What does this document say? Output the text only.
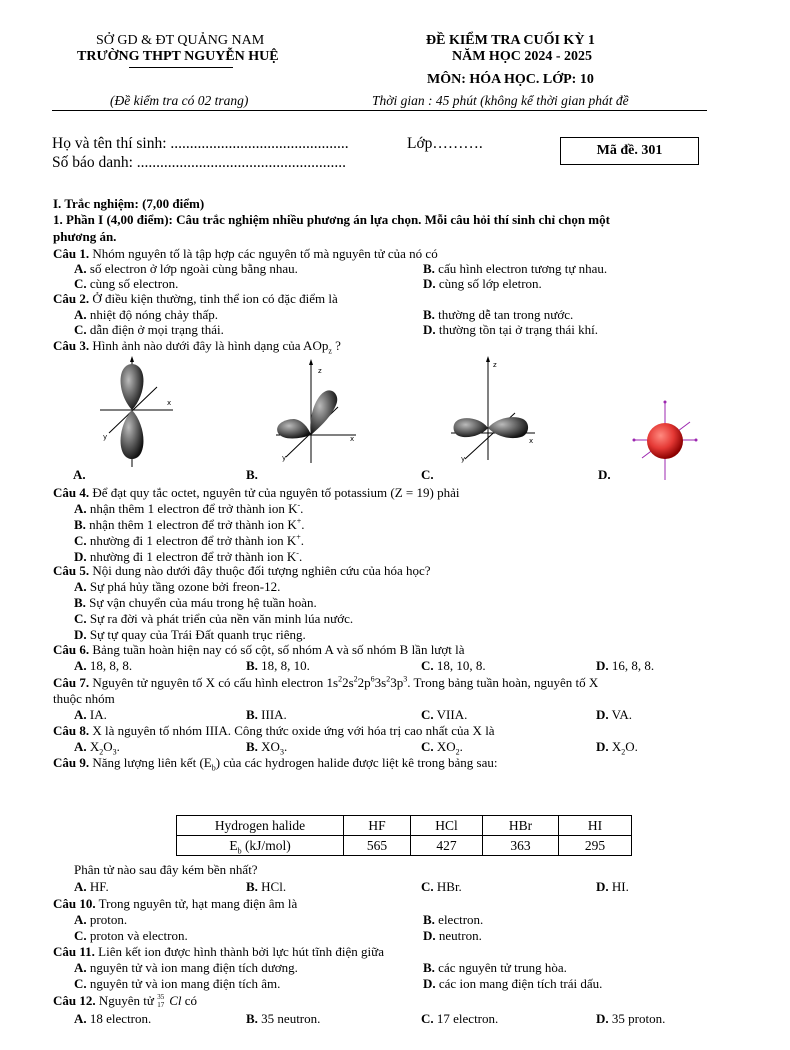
SỞ GD & ĐT QUẢNG NAM
TRƯỜNG THPT NGUYỄN HUỆ
(Đề kiểm tra có 02 trang)
ĐỀ KIỂM TRA CUỐI KỲ 1
NĂM HỌC 2024 - 2025
MÔN: HÓA HỌC. LỚP: 10
Thời gian : 45 phút (không kể thời gian phát đề
Họ và tên thí sinh: ..............................................	Lớp……….
Số báo danh: ......................................................
Mã đề. 301
I. Trắc nghiệm: (7,00 điểm)
1. Phần I (4,00 điểm): Câu trắc nghiệm nhiều phương án lựa chọn. Mỗi câu hỏi thí sinh chỉ chọn một
phương án.
Câu 1. Nhóm nguyên tố là tập hợp các nguyên tố mà nguyên tử của nó có
A. số electron ở lớp ngoài cùng bằng nhau.	B. cấu hình electron tương tự nhau.
C. cùng số electron.	D. cùng số lớp eletron.
Câu 2. Ở điều kiện thường, tinh thể ion có đặc điểm là
A. nhiệt độ nóng chảy thấp.	B. thường dễ tan trong nước.
C. dẫn điện ở mọi trạng thái.	D. thường tồn tại ở trạng thái khí.
Câu 3. Hình ảnh nào dưới đây là hình dạng của AOp$_z$ ?
x
y
A.
z
x
y
B.
z
x
y
C.	D.
Câu 4. Để đạt quy tắc octet, nguyên tử của nguyên tố potassium (Z = 19) phải
A. nhận thêm 1 electron để trở thành ion K-.
B. nhận thêm 1 electron để trở thành ion K+.
C. nhường đi 1 electron để trở thành ion K+.
D. nhường đi 1 electron để trở thành ion K-.
Câu 5. Nội dung nào dưới đây thuộc đối tượng nghiên cứu của hóa học?
A. Sự phá hủy tầng ozone bởi freon-12.
B. Sự vận chuyển của máu trong hệ tuần hoàn.
C. Sự ra đời và phát triển của nền văn minh lúa nước.
D. Sự tự quay của Trái Đất quanh trục riêng.
Câu 6. Bảng tuần hoàn hiện nay có số cột, số nhóm A và số nhóm B lần lượt là
A. 18, 8, 8.	B. 18, 8, 10.	C. 18, 10, 8.	D. 16, 8, 8.
Câu 7. Nguyên tử nguyên tố X có cấu hình electron $1s^22s^22p^63s^23p^3$. Trong bảng tuần hoàn, nguyên tố X
thuộc nhóm
A. IA.	B. IIIA.	C. VIIA.	D. VA.
Câu 8. X là nguyên tố nhóm IIIA. Công thức oxide ứng với hóa trị cao nhất của X là
A. $X_2O_3$.	B. $XO_3$.	C. $XO_2$.	D. $X_2O$.
Câu 9. Năng lượng liên kết $(E_b)$ của các hydrogen halide được liệt kê trong bảng sau:
Hydrogen halide	HF	HCl	HBr	HI
$E_b$ (kJ/mol)	565	427	363	295
Phân tử nào sau đây kém bền nhất?
A. HF.	B. HCl.	C. HBr.	D. HI.
Câu 10. Trong nguyên tử, hạt mang điện âm là
A. proton.	B. electron.
C. proton và electron.	D. neutron.
Câu 11. Liên kết ion được hình thành bởi lực hút tĩnh điện giữa
A. nguyên tử và ion mang điện tích dương.	B. các nguyên tử trung hòa.
C. nguyên tử và ion mang điện tích âm.	D. các ion mang điện tích trái dấu.
Câu 12. Nguyên tử 35
17 Cl có
A. 18 electron.	B. 35 neutron.	C. 17 electron.	D. 35 proton.
